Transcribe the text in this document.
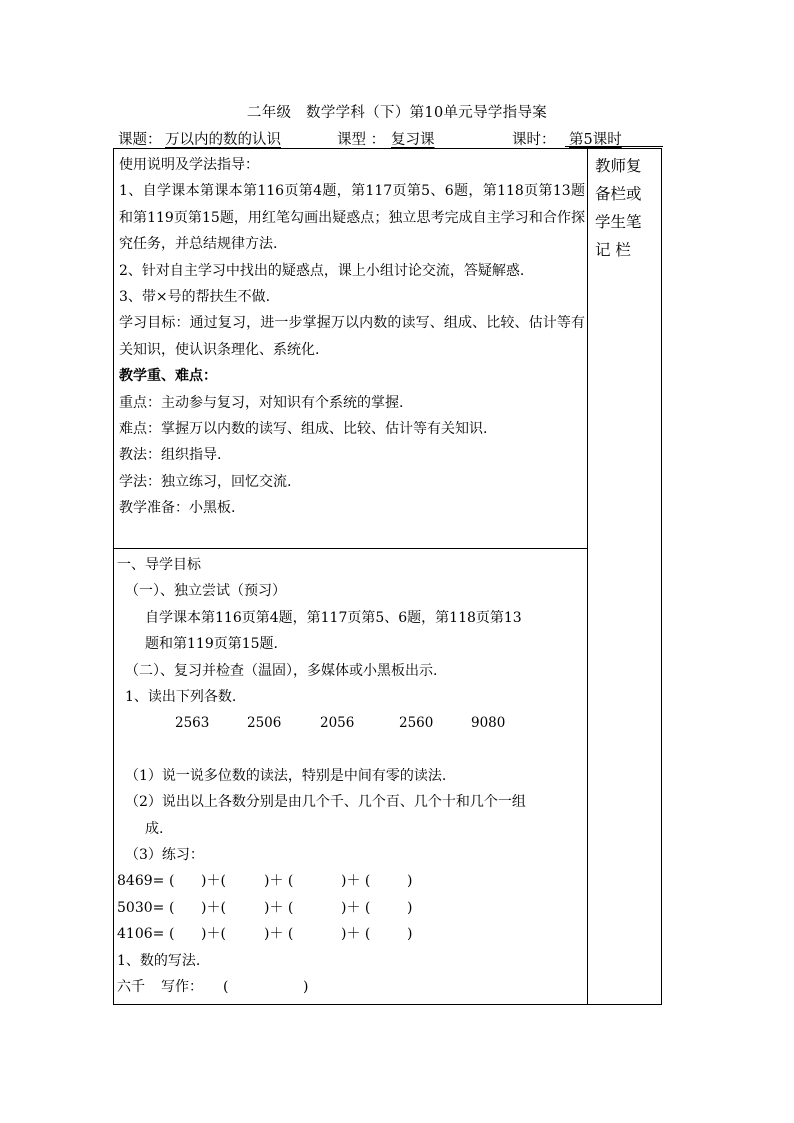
二年级   数学学科（下）第10单元导学指导案

课题：

万以内的数的认识

	课型 ：

复习课

	课时：

第5课时

使用说明及学法指导：

1、自学课本第课本第116页第4题，第117页第5、6题，第118页第13题和第119页第15题，用红笔勾画出疑惑点；独立思考完成自主学习和合作探究任务，并总结规律方法.

2、针对自主学习中找出的疑惑点，课上小组讨论交流，答疑解惑.

3、带×号的帮扶生不做.

学习目标：通过复习，进一步掌握万以内数的读写、组成、比较、估计等有关知识，使认识条理化、系统化.

教学重、难点：

重点：主动参与复习，对知识有个系统的掌握.

难点：掌握万以内数的读写、组成、比较、估计等有关知识.

教法：组织指导.

学法：独立练习，回忆交流.

教学准备：小黑板.

教师复

备栏或

学生笔

记 栏

一、导学目标

（一）、独立尝试（预习）

自学课本第116页第4题，第117页第5、6题，第118页第13

题和第119页第15题.

（二）、复习并检查（温固），多媒体或小黑板出示.

1、读出下列各数.

2563	2506	2056	2560	9080

（1）说一说多位数的读法，特别是中间有零的读法.

（2）说出以上各数分别是由几个千、几个百、几个十和几个一组

成.

（3）练习：

8469= ( )＋(	)＋ (	)＋ (	)
5030= ( )＋(	)＋ (	)＋ (	)
4106= ( )＋(	)＋ (	)＋ (	)

1、数的写法.

六千 写作： (	)
